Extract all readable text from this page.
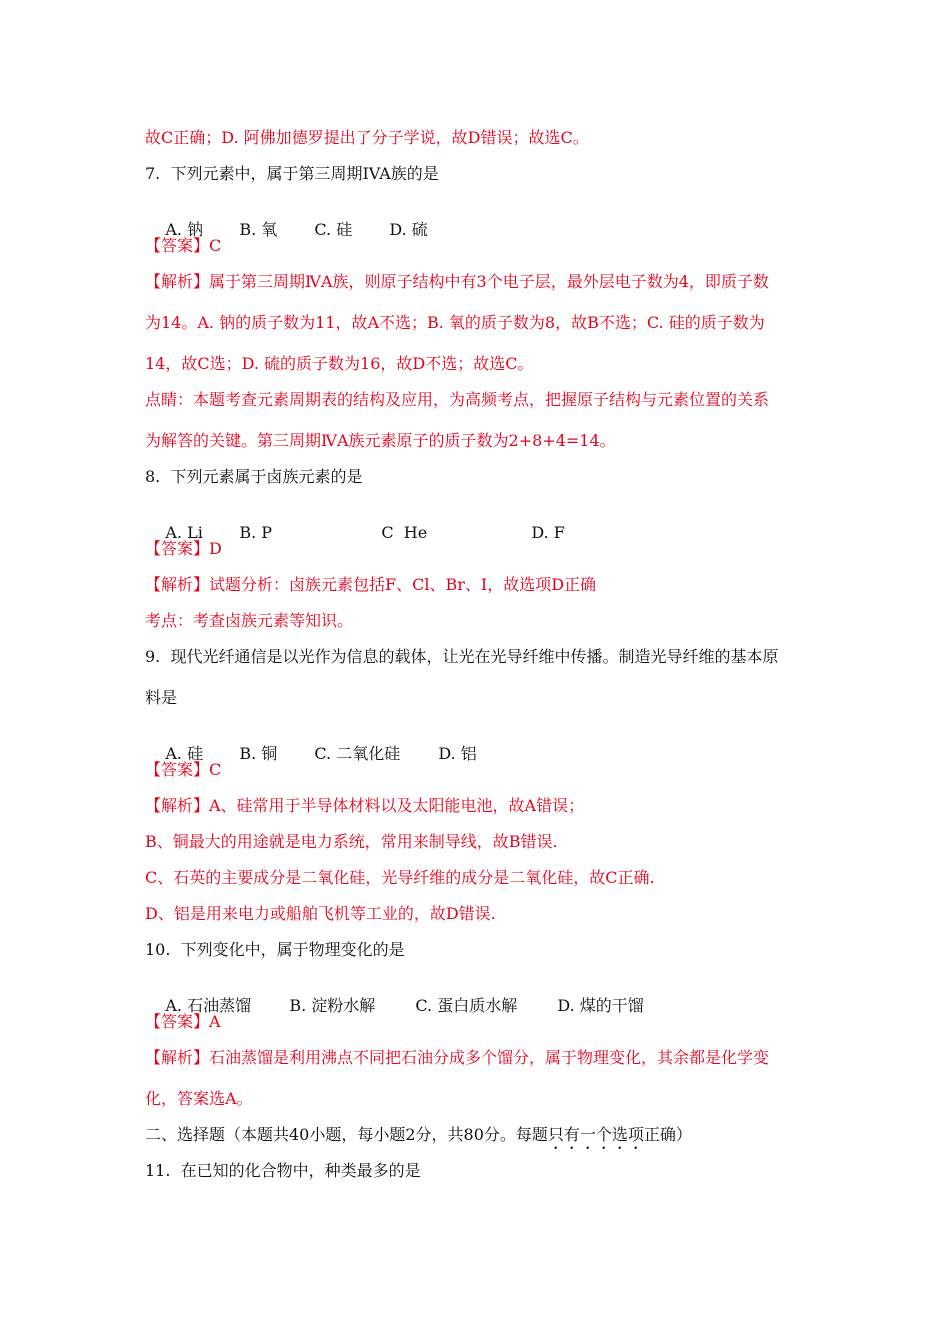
故C正确；D. 阿佛加德罗提出了分子学说，故D错误；故选C。
7.  下列元素中，属于第三周期IVA族的是

A. 钠 B. 氧 C. 硅 D. 硫

【答案】C
【解析】属于第三周期ⅣA族，则原子结构中有3个电子层，最外层电子数为4，即质子数
为14。A. 钠的质子数为11，故A不选；B. 氧的质子数为8，故B不选；C. 硅的质子数为
14，故C选；D. 硫的质子数为16，故D不选；故选C。
点睛：本题考查元素周期表的结构及应用，为高频考点，把握原子结构与元素位置的关系
为解答的关键。第三周期ⅣA族元素原子的质子数为2+8+4=14。
8.  下列元素属于卤族元素的是

A. Li B. P	C  He	D. F

【答案】D
【解析】试题分析：卤族元素包括F、Cl、Br、I，故选项D正确
考点：考查卤族元素等知识。
9.  现代光纤通信是以光作为信息的载体，让光在光导纤维中传播。制造光导纤维的基本原
料是

A. 硅 B. 铜 C. 二氧化硅 D. 铝

【答案】C
【解析】A、硅常用于半导体材料以及太阳能电池，故A错误；
B、铜最大的用途就是电力系统，常用来制导线，故B错误.
C、石英的主要成分是二氧化硅，光导纤维的成分是二氧化硅，故C正确.
D、铝是用来电力或船舶飞机等工业的，故D错误.
10.  下列变化中，属于物理变化的是

A. 石油蒸馏 B. 淀粉水解	C. 蛋白质水解	D. 煤的干馏

【答案】A
【解析】石油蒸馏是利用沸点不同把石油分成多个馏分，属于物理变化，其余都是化学变
化，答案选A。
二、选择题（本题共40小题，每小题2分，共80分。每题只有一个选项正确）
11.  在已知的化合物中，种类最多的是
